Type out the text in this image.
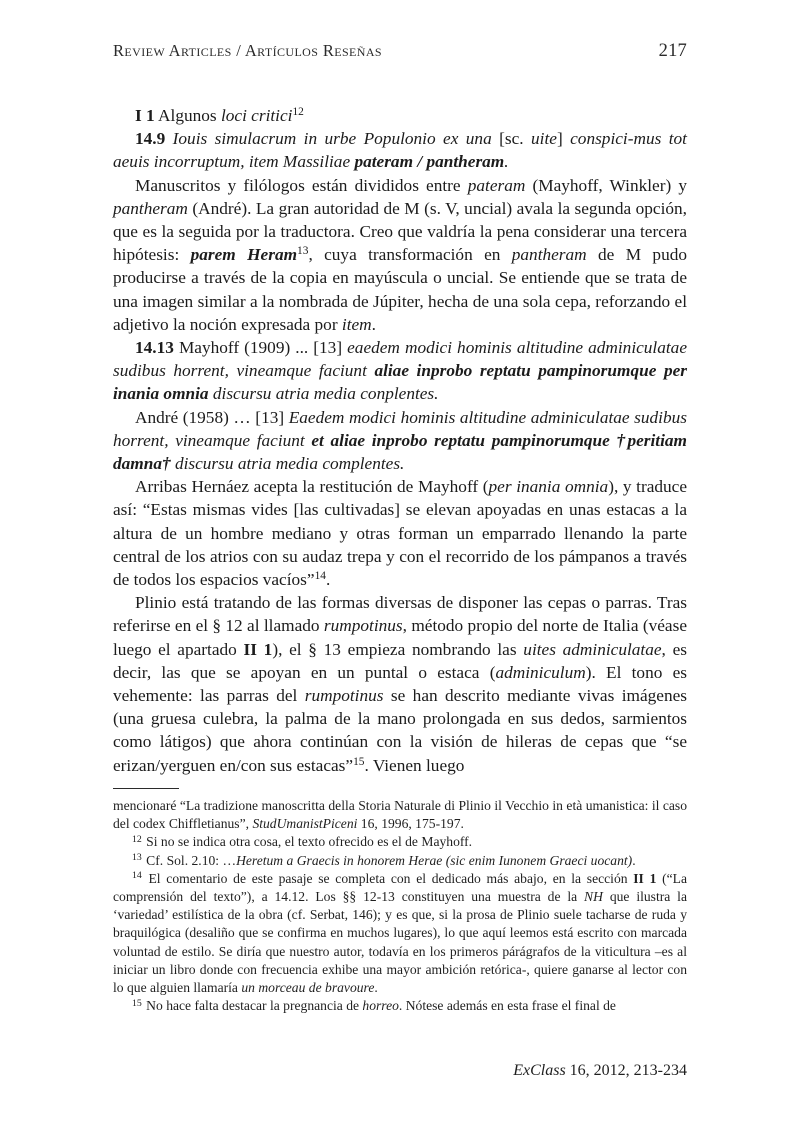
Review Articles / Artículos Reseñas	217

I 1 Algunos loci critici$^{12}$

14.9 Iouis simulacrum in urbe Populonio ex una [sc. uite] conspici-mus tot aeuis incorruptum, item Massiliae pateram / pantheram.

Manuscritos y filólogos están divididos entre pateram (Mayhoff, Winkler) y pantheram (André). La gran autoridad de M (s. V, uncial) avala la segunda opción, que es la seguida por la traductora. Creo que valdría la pena considerar una tercera hipótesis: parem Heram$^{13}$, cuya transformación en pantheram de M pudo producirse a través de la copia en mayúscula o uncial. Se entiende que se trata de una imagen similar a la nombrada de Júpiter, hecha de una sola cepa, reforzando el adjetivo la noción expresada por item.

14.13 Mayhoff (1909) ... [13] eaedem modici hominis altitudine adminiculatae sudibus horrent, vineamque faciunt aliae inprobo reptatu pampinorumque per inania omnia discursu atria media conplentes.

André (1958) … [13] Eaedem modici hominis altitudine adminiculatae sudibus horrent, vineamque faciunt et aliae inprobo reptatu pampinorumque †peritiam damna† discursu atria media complentes.

Arribas Hernáez acepta la restitución de Mayhoff (per inania omnia), y traduce así: “Estas mismas vides [las cultivadas] se elevan apoyadas en unas estacas a la altura de un hombre mediano y otras forman un emparrado llenando la parte central de los atrios con su audaz trepa y con el recorrido de los pámpanos a través de todos los espacios vacíos”$^{14}$.

Plinio está tratando de las formas diversas de disponer las cepas o parras. Tras referirse en el § 12 al llamado rumpotinus, método propio del norte de Italia (véase luego el apartado II 1), el § 13 empieza nombrando las uites adminiculatae, es decir, las que se apoyan en un puntal o estaca (adminiculum). El tono es vehemente: las parras del rumpotinus se han descrito mediante vivas imágenes (una gruesa culebra, la palma de la mano prolongada en sus dedos, sarmientos como látigos) que ahora continúan con la visión de hileras de cepas que “se erizan/yerguen en/con sus estacas”$^{15}$. Vienen luego

mencionaré “La tradizione manoscritta della Storia Naturale di Plinio il Vecchio in età umanistica: il caso del codex Chiffletianus”, StudUmanistPiceni 16, 1996, 175-197.

$^{12}$ Si no se indica otra cosa, el texto ofrecido es el de Mayhoff.

$^{13}$ Cf. Sol. 2.10: …Heretum a Graecis in honorem Herae (sic enim Iunonem Graeci uocant).

$^{14}$ El comentario de este pasaje se completa con el dedicado más abajo, en la sección II 1 (“La comprensión del texto”), a 14.12. Los §§ 12-13 constituyen una muestra de la NH que ilustra la ‘variedad’ estilística de la obra (cf. Serbat, 146); y es que, si la prosa de Plinio suele tacharse de ruda y braquilógica (desaliño que se confirma en muchos lugares), lo que aquí leemos está escrito con marcada voluntad de estilo. Se diría que nuestro autor, todavía en los primeros párágrafos de la viticultura –es al iniciar un libro donde con frecuencia exhibe una mayor ambición retórica-, quiere ganarse al lector con lo que alguien llamaría un morceau de bravoure.

$^{15}$ No hace falta destacar la pregnancia de horreo. Nótese además en esta frase el final de

ExClass 16, 2012, 213-234
